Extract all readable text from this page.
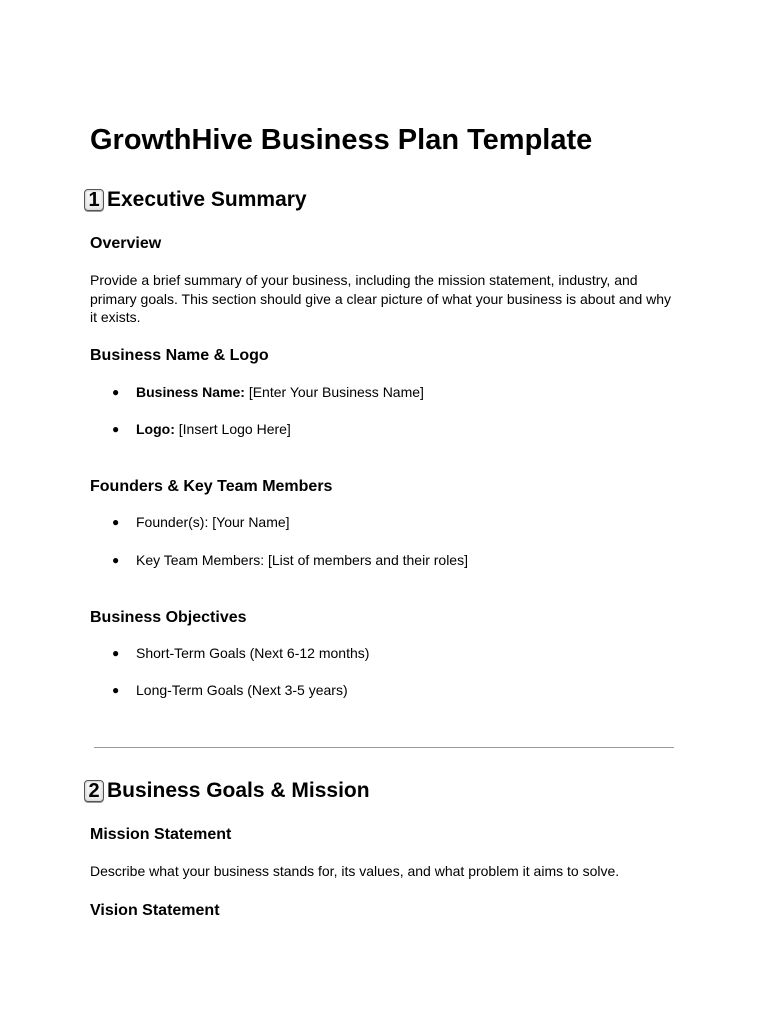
GrowthHive Business Plan Template
1 Executive Summary
Overview
Provide a brief summary of your business, including the mission statement, industry, and primary goals. This section should give a clear picture of what your business is about and why it exists.
Business Name & Logo
●	Business Name: [Enter Your Business Name]
●	Logo: [Insert Logo Here]
Founders & Key Team Members
●	Founder(s): [Your Name]
●	Key Team Members: [List of members and their roles]
Business Objectives
●	Short-Term Goals (Next 6-12 months)
●	Long-Term Goals (Next 3-5 years)
2 Business Goals & Mission
Mission Statement
Describe what your business stands for, its values, and what problem it aims to solve.
Vision Statement
